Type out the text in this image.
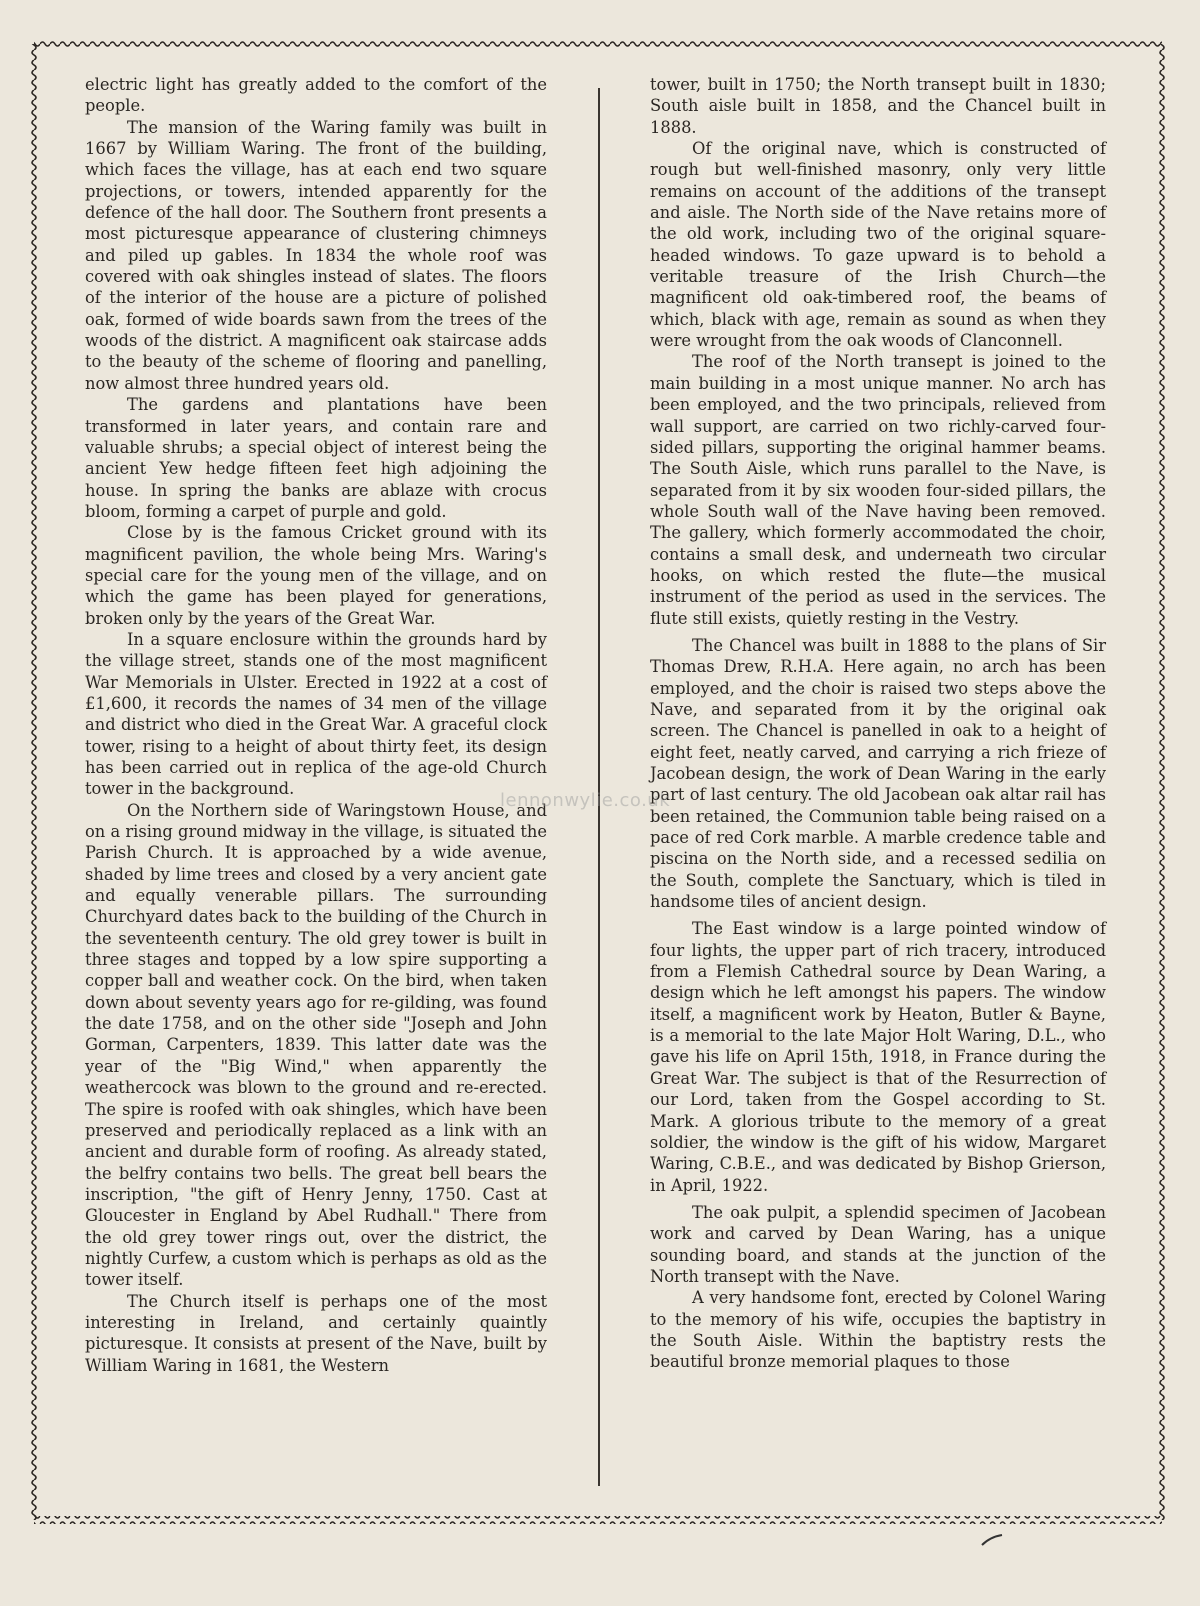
electric light has greatly added to the comfort of the people.

The mansion of the Waring family was built in 1667 by William Waring. The front of the building, which faces the village, has at each end two square projections, or towers, intended apparently for the defence of the hall door. The Southern front presents a most picturesque appearance of clustering chimneys and piled up gables. In 1834 the whole roof was covered with oak shingles instead of slates. The floors of the interior of the house are a picture of polished oak, formed of wide boards sawn from the trees of the woods of the district. A magnificent oak staircase adds to the beauty of the scheme of flooring and panelling, now almost three hundred years old.

The gardens and plantations have been transformed in later years, and contain rare and valuable shrubs; a special object of interest being the ancient Yew hedge fifteen feet high adjoining the house. In spring the banks are ablaze with crocus bloom, forming a carpet of purple and gold.

Close by is the famous Cricket ground with its magnificent pavilion, the whole being Mrs. Waring's special care for the young men of the village, and on which the game has been played for generations, broken only by the years of the Great War.

In a square enclosure within the grounds hard by the village street, stands one of the most magnificent War Memorials in Ulster. Erected in 1922 at a cost of £1,600, it records the names of 34 men of the village and district who died in the Great War. A graceful clock tower, rising to a height of about thirty feet, its design has been carried out in replica of the age-old Church tower in the background.

On the Northern side of Waringstown House, and on a rising ground midway in the village, is situated the Parish Church. It is approached by a wide avenue, shaded by lime trees and closed by a very ancient gate and equally venerable pillars. The surrounding Churchyard dates back to the building of the Church in the seventeenth century. The old grey tower is built in three stages and topped by a low spire supporting a copper ball and weather cock. On the bird, when taken down about seventy years ago for re-gilding, was found the date 1758, and on the other side "Joseph and John Gorman, Carpenters, 1839. This latter date was the year of the "Big Wind," when apparently the weathercock was blown to the ground and re-erected. The spire is roofed with oak shingles, which have been preserved and periodically replaced as a link with an ancient and durable form of roofing. As already stated, the belfry contains two bells. The great bell bears the inscription, "the gift of Henry Jenny, 1750. Cast at Gloucester in England by Abel Rudhall." There from the old grey tower rings out, over the district, the nightly Curfew, a custom which is perhaps as old as the tower itself.

The Church itself is perhaps one of the most interesting in Ireland, and certainly quaintly picturesque. It consists at present of the Nave, built by William Waring in 1681, the Western

tower, built in 1750; the North transept built in 1830; South aisle built in 1858, and the Chancel built in 1888.

Of the original nave, which is constructed of rough but well-finished masonry, only very little remains on account of the additions of the transept and aisle. The North side of the Nave retains more of the old work, including two of the original square-headed windows. To gaze upward is to behold a veritable treasure of the Irish Church—the magnificent old oak-timbered roof, the beams of which, black with age, remain as sound as when they were wrought from the oak woods of Clanconnell.

The roof of the North transept is joined to the main building in a most unique manner. No arch has been employed, and the two principals, relieved from wall support, are carried on two richly-carved four-sided pillars, supporting the original hammer beams. The South Aisle, which runs parallel to the Nave, is separated from it by six wooden four-sided pillars, the whole South wall of the Nave having been removed. The gallery, which formerly accommodated the choir, contains a small desk, and underneath two circular hooks, on which rested the flute—the musical instrument of the period as used in the services. The flute still exists, quietly resting in the Vestry.

The Chancel was built in 1888 to the plans of Sir Thomas Drew, R.H.A. Here again, no arch has been employed, and the choir is raised two steps above the Nave, and separated from it by the original oak screen. The Chancel is panelled in oak to a height of eight feet, neatly carved, and carrying a rich frieze of Jacobean design, the work of Dean Waring in the early part of last century. The old Jacobean oak altar rail has been retained, the Communion table being raised on a pace of red Cork marble. A marble credence table and piscina on the North side, and a recessed sedilia on the South, complete the Sanctuary, which is tiled in handsome tiles of ancient design.

The East window is a large pointed window of four lights, the upper part of rich tracery, introduced from a Flemish Cathedral source by Dean Waring, a design which he left amongst his papers. The window itself, a magnificent work by Heaton, Butler & Bayne, is a memorial to the late Major Holt Waring, D.L., who gave his life on April 15th, 1918, in France during the Great War. The subject is that of the Resurrection of our Lord, taken from the Gospel according to St. Mark. A glorious tribute to the memory of a great soldier, the window is the gift of his widow, Margaret Waring, C.B.E., and was dedicated by Bishop Grierson, in April, 1922.

The oak pulpit, a splendid specimen of Jacobean work and carved by Dean Waring, has a unique sounding board, and stands at the junction of the North transept with the Nave.

A very handsome font, erected by Colonel Waring to the memory of his wife, occupies the baptistry in the South Aisle. Within the baptistry rests the beautiful bronze memorial plaques to those

lennonwylie.co.uk
